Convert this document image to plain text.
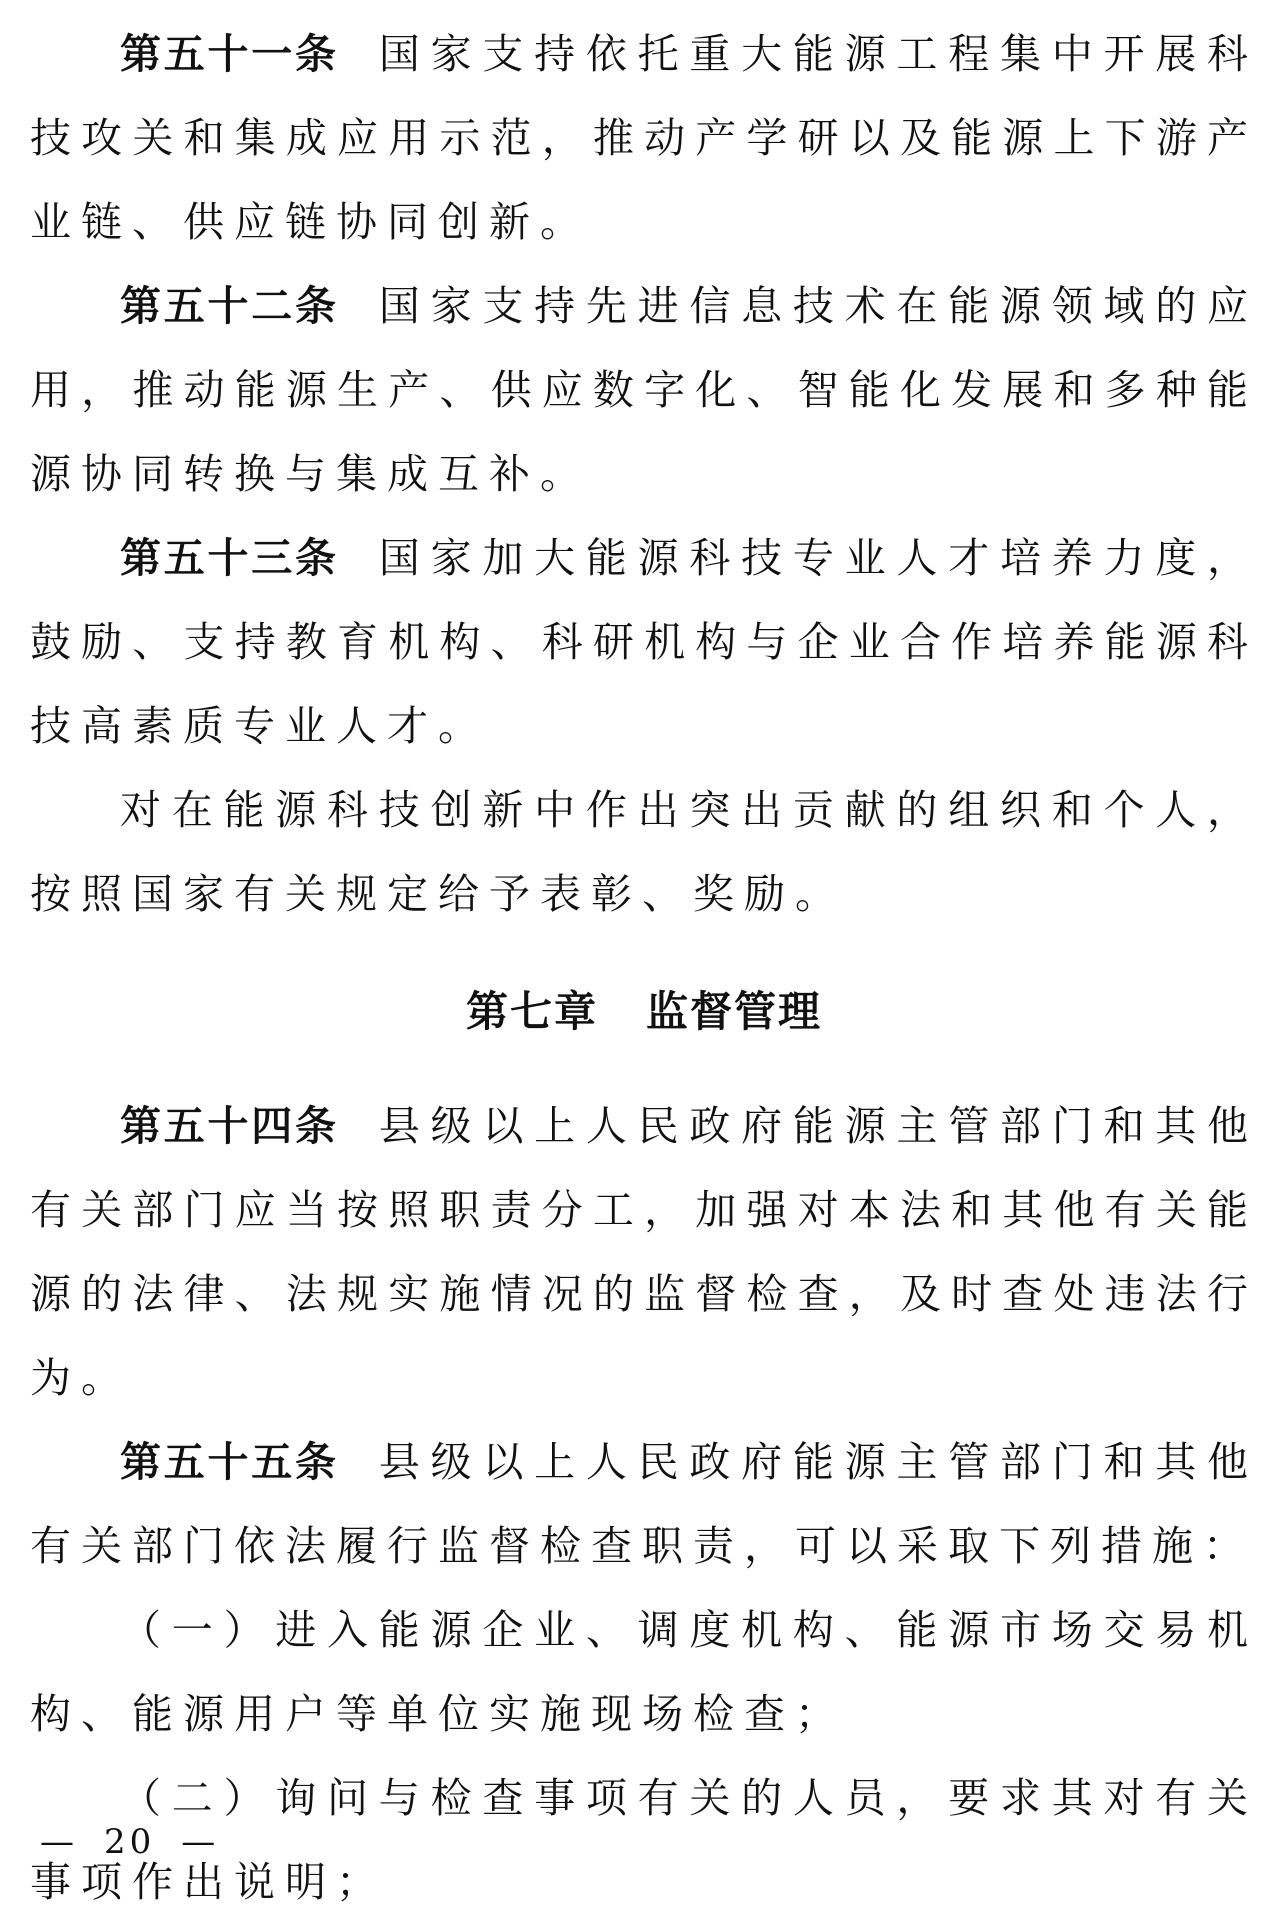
第五十一条 国家支持依托重大能源工程集中开展科技攻关和集成应用示范，推动产学研以及能源上下游产业链、供应链协同创新。

第五十二条 国家支持先进信息技术在能源领域的应用，推动能源生产、供应数字化、智能化发展和多种能源协同转换与集成互补。

第五十三条 国家加大能源科技专业人才培养力度，鼓励、支持教育机构、科研机构与企业合作培养能源科技高素质专业人才。

对在能源科技创新中作出突出贡献的组织和个人，按照国家有关规定给予表彰、奖励。

第七章 监督管理

第五十四条 县级以上人民政府能源主管部门和其他有关部门应当按照职责分工，加强对本法和其他有关能源的法律、法规实施情况的监督检查，及时查处违法行为。

第五十五条 县级以上人民政府能源主管部门和其他有关部门依法履行监督检查职责，可以采取下列措施：

（一）进入能源企业、调度机构、能源市场交易机构、能源用户等单位实施现场检查；

（二）询问与检查事项有关的人员，要求其对有关事项作出说明；

— 20 —
